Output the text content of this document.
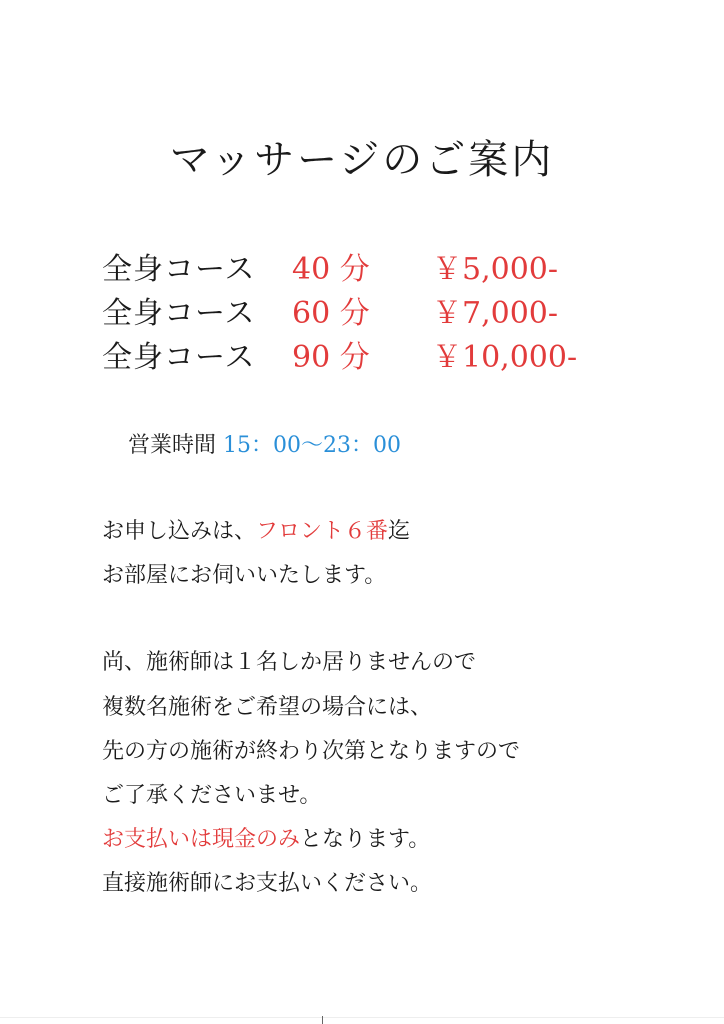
マッサージのご案内
全身コース 40 分 ￥5,000-
全身コース 60 分 ￥7,000-
全身コース 90 分 ￥10,000-
営業時間 15：00～23：00
お申し込みは、フロント６番迄
お部屋にお伺いいたします。
尚、施術師は１名しか居りませんので
複数名施術をご希望の場合には、
先の方の施術が終わり次第となりますので
ご了承くださいませ。
お支払いは現金のみとなります。
直接施術師にお支払いください。
